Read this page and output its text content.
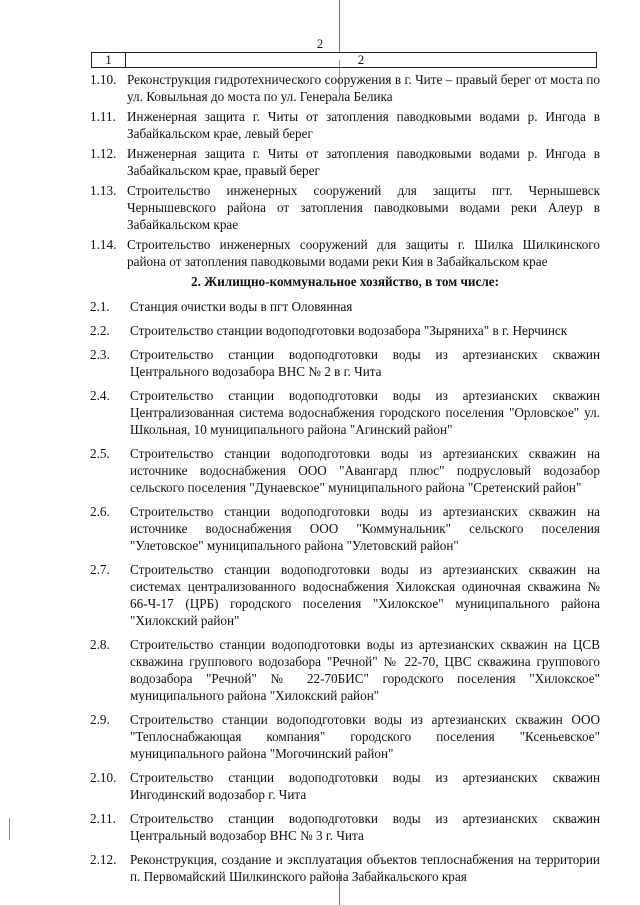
2
1	2
1.10. Реконструкция гидротехнического сооружения в г. Чите – правый берег от моста по ул. Ковыльная до моста по ул. Генерала Белика
1.11. Инженерная защита г. Читы от затопления паводковыми водами р. Ингода в Забайкальском крае, левый берег
1.12. Инженерная защита г. Читы от затопления паводковыми водами р. Ингода в Забайкальском крае, правый берег
1.13. Строительство инженерных сооружений для защиты пгт. Чернышевск Чернышевского района от затопления паводковыми водами реки Алеур в Забайкальском крае
1.14. Строительство инженерных сооружений для защиты г. Шилка Шилкинского района от затопления паводковыми водами реки Кия в Забайкальском крае
2. Жилищно-коммунальное хозяйство, в том числе:
2.1.	Станция очистки воды в пгт Оловянная
2.2.	Строительство станции водоподготовки водозабора "Зыряниха" в г. Нерчинск
2.3.	Строительство станции водоподготовки воды из артезианских скважин Центрального водозабора ВНС № 2 в г. Чита
2.4.	Строительство станции водоподготовки воды из артезианских скважин Централизованная система водоснабжения городского поселения "Орловское" ул. Школьная, 10 муниципального района "Агинский район"
2.5.	Строительство станции водоподготовки воды из артезианских скважин на источнике водоснабжения ООО "Авангард плюс" подрусловый водозабор сельского поселения "Дунаевское" муниципального района "Сретенский район"
2.6.	Строительство станции водоподготовки воды из артезианских скважин на источнике водоснабжения ООО "Коммунальник" сельского поселения "Улетовское" муниципального района "Улетовский район"
2.7.	Строительство станции водоподготовки воды из артезианских скважин на системах централизованного водоснабжения Хилокская одиночная скважина № 66-Ч-17 (ЦРБ) городского поселения "Хилокское" муниципального района "Хилокский район"
2.8.	Строительство станции водоподготовки воды из артезианских скважин на ЦСВ скважина группового водозабора "Речной" № 22-70, ЦВС скважина группового водозабора "Речной" № 22-70БИС" городского поселения "Хилокское" муниципального района "Хилокский район"
2.9.	Строительство станции водоподготовки воды из артезианских скважин ООО "Теплоснабжающая компания" городского поселения "Ксеньевское" муниципального района "Могочинский район"
2.10.	Строительство станции водоподготовки воды из артезианских скважин Ингодинский водозабор г. Чита
2.11.	Строительство станции водоподготовки воды из артезианских скважин Центральный водозабор ВНС № 3 г. Чита
2.12.	Реконструкция, создание и эксплуатация объектов теплоснабжения на территории п. Первомайский Шилкинского района Забайкальского края
